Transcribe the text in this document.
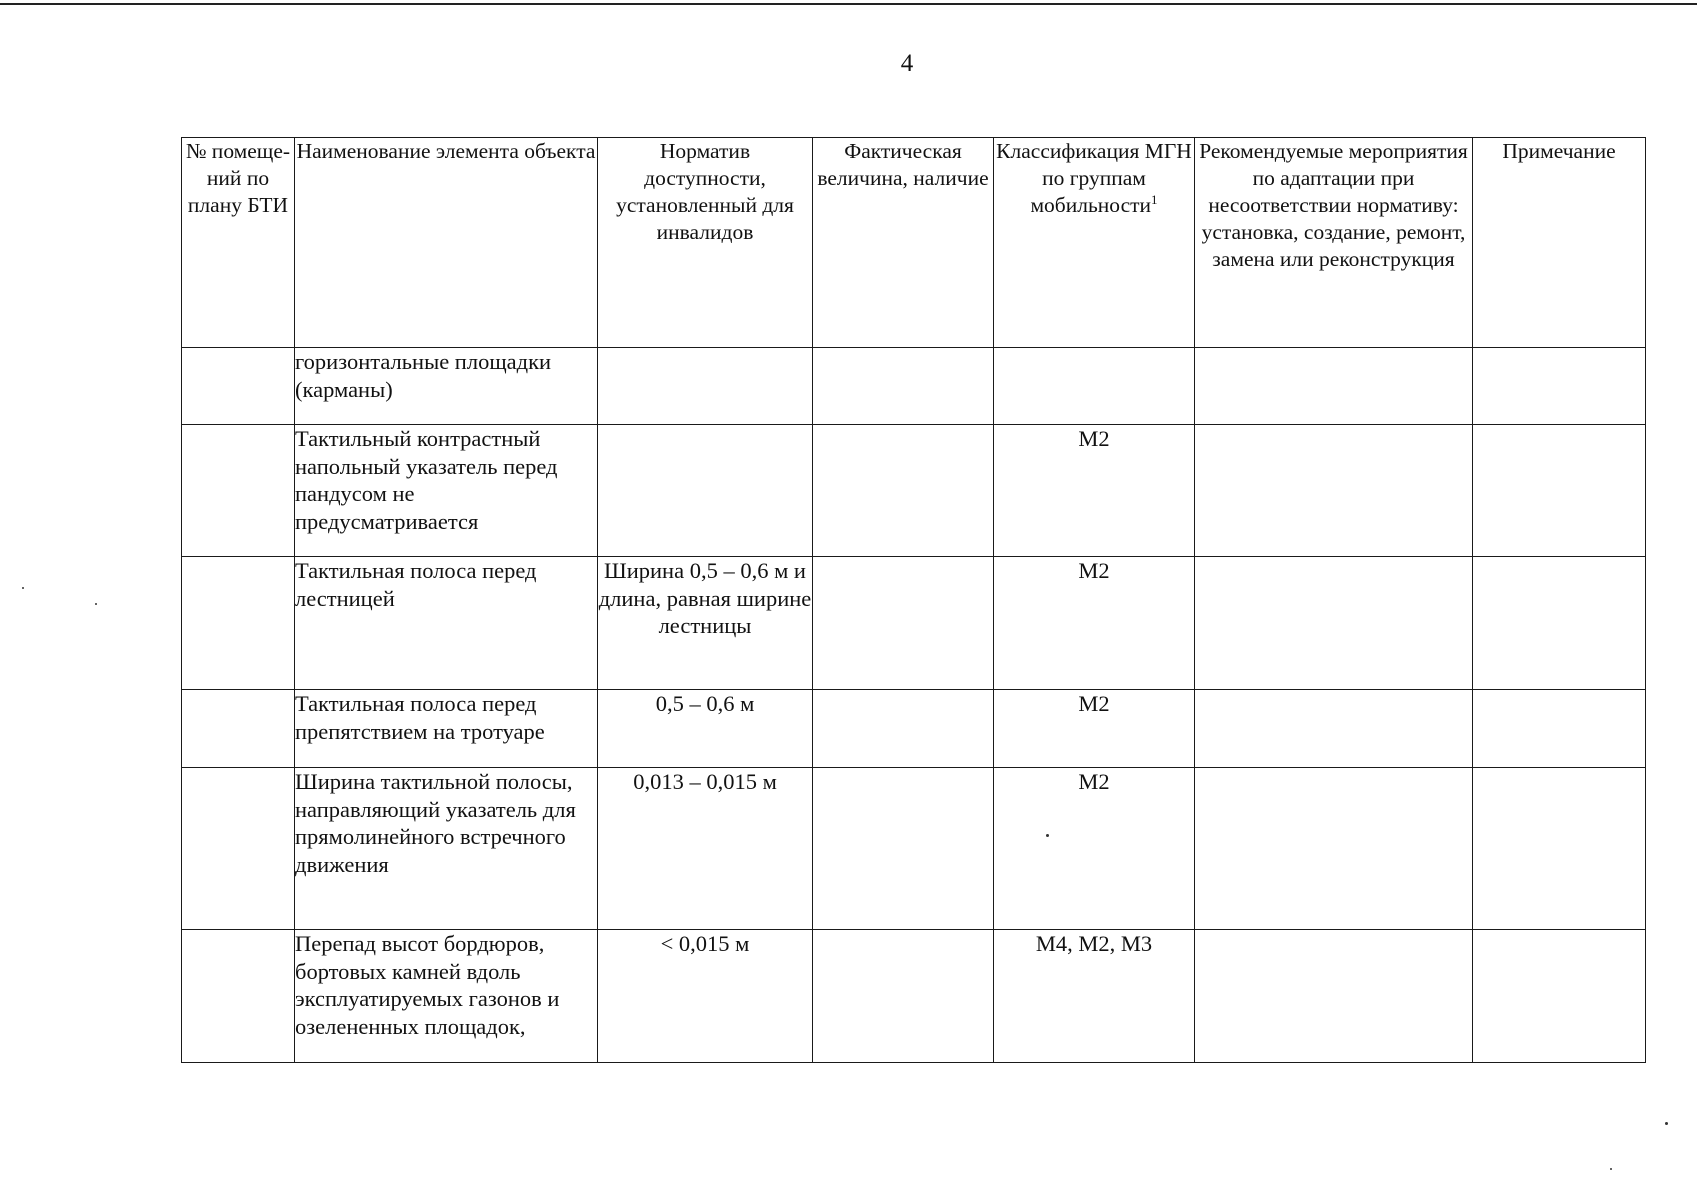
4
№ помеще-ний по плану БТИ	Наименование элемента объекта	Норматив доступности, установленный для инвалидов	Фактическая величина, наличие	Классификация МГН по группам мобильности$^1$	Рекомендуемые мероприятия по адаптации при несоответствии нормативу: установка, создание, ремонт, замена или реконструкция	Примечание
	горизонтальные площадки (карманы)					
	Тактильный контрастный напольный указатель перед пандусом не предусматривается			М2		
	Тактильная полоса перед лестницей	Ширина 0,5 – 0,6 м и длина, равная ширине лестницы		М2		
	Тактильная полоса перед препятствием на тротуаре	0,5 – 0,6 м		М2		
	Ширина тактильной полосы, направляющий указатель для прямолинейного встречного движения	0,013 – 0,015 м		М2		
	Перепад высот бордюров, бортовых камней вдоль эксплуатируемых газонов и озелененных площадок,	< 0,015 м		М4, М2, М3		
